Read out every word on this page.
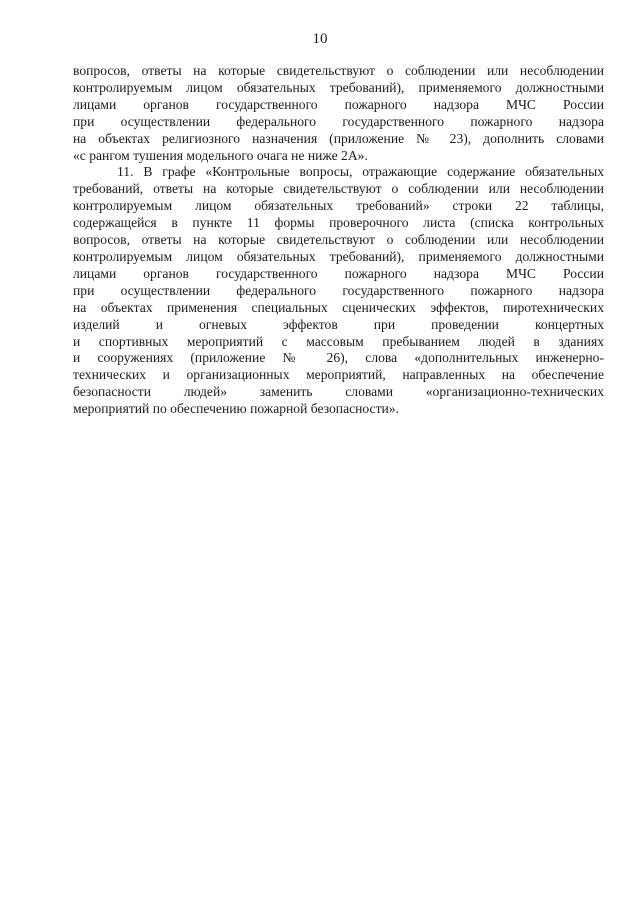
10
вопросов, ответы на которые свидетельствуют о соблюдении или несоблюдении
контролируемым лицом обязательных требований), применяемого должностными
лицами органов государственного пожарного надзора МЧС России
при осуществлении федерального государственного пожарного надзора
на объектах религиозного назначения (приложение № 23), дополнить словами
«с рангом тушения модельного очага не ниже 2А».
11. В графе «Контрольные вопросы, отражающие содержание обязательных
требований, ответы на которые свидетельствуют о соблюдении или несоблюдении
контролируемым лицом обязательных требований» строки 22 таблицы,
содержащейся в пункте 11 формы проверочного листа (списка контрольных
вопросов, ответы на которые свидетельствуют о соблюдении или несоблюдении
контролируемым лицом обязательных требований), применяемого должностными
лицами органов государственного пожарного надзора МЧС России
при осуществлении федерального государственного пожарного надзора
на объектах применения специальных сценических эффектов, пиротехнических
изделий и огневых эффектов при проведении концертных
и спортивных мероприятий с массовым пребыванием людей в зданиях
и сооружениях (приложение № 26), слова «дополнительных инженерно-
технических и организационных мероприятий, направленных на обеспечение
безопасности людей» заменить словами «организационно-технических
мероприятий по обеспечению пожарной безопасности».
